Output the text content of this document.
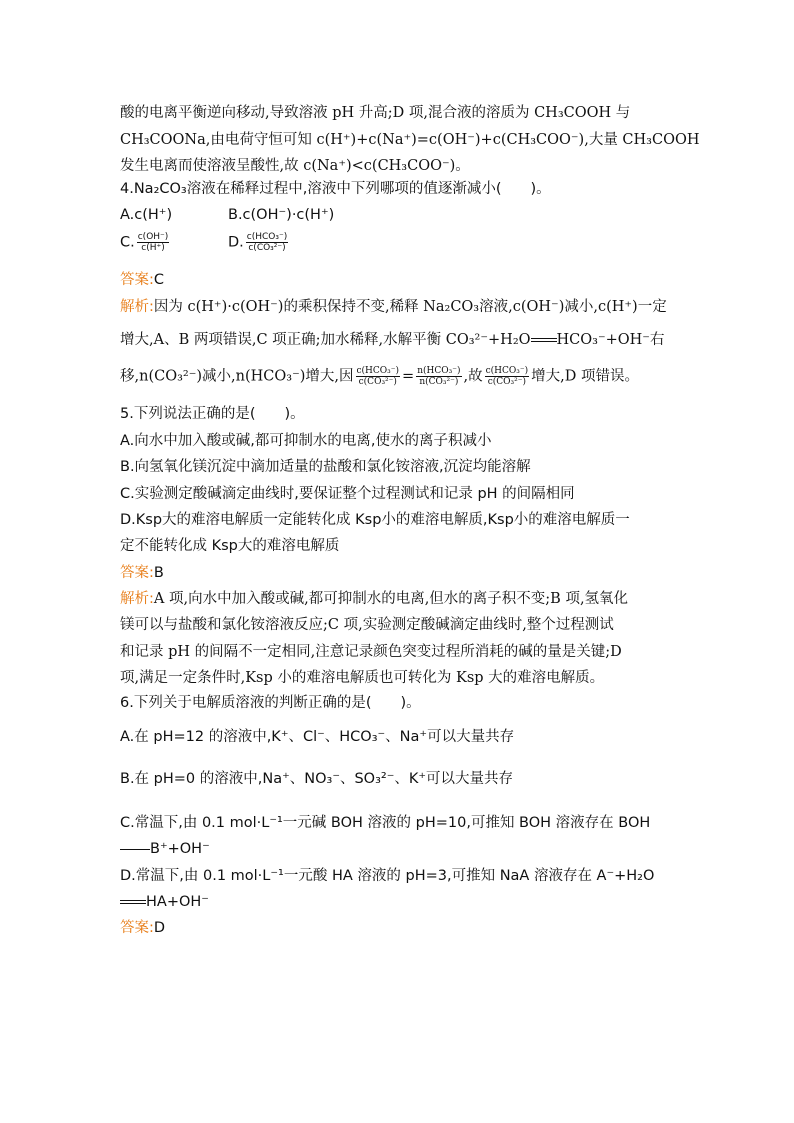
酸的电离平衡逆向移动,导致溶液 pH 升高;D 项,混合液的溶质为 CH₃COOH 与
CH₃COONa,由电荷守恒可知 c(H⁺)+c(Na⁺)=c(OH⁻)+c(CH₃COO⁻),大量 CH₃COOH
发生电离而使溶液呈酸性,故 c(Na⁺)<c(CH₃COO⁻)。
4.Na₂CO₃溶液在稀释过程中,溶液中下列哪项的值逐渐减小(　　)。
A.c(H⁺)	B.c(OH⁻)·c(H⁺)
C. $\frac{c(OH^-)}{c(H^+)}$	D. $\frac{\text{c(HCO₃⁻)}}{\text{c(CO₃²⁻)}}$
答案:C
解析:因为 c(H⁺)·c(OH⁻)的乘积保持不变,稀释 Na₂CO₃溶液,c(OH⁻)减小,c(H⁺)一定
增大,A、B 两项错误,C 项正确;加水稀释,水解平衡 CO₃²⁻+H₂O HCO₃⁻+OH⁻右
移,n(CO₃²⁻)减小,n(HCO₃⁻)增大,因 $\frac{\text{c(HCO₃⁻)}}{\text{c(CO₃²⁻)}} = \frac{\text{n(HCO₃⁻)}}{\text{n(CO₃²⁻)}}$ ,故 $\frac{\text{c(HCO₃⁻)}}{\text{c(CO₃²⁻)}}$ 增大,D 项错误。
5.下列说法正确的是(　　)。
A.向水中加入酸或碱,都可抑制水的电离,使水的离子积减小
B.向氢氧化镁沉淀中滴加适量的盐酸和氯化铵溶液,沉淀均能溶解
C.实验测定酸碱滴定曲线时,要保证整个过程测试和记录 pH 的间隔相同
D.Ksp大的难溶电解质一定能转化成 Ksp小的难溶电解质,Ksp小的难溶电解质一
定不能转化成 Ksp大的难溶电解质
答案:B
解析:A 项,向水中加入酸或碱,都可抑制水的电离,但水的离子积不变;B 项,氢氧化
镁可以与盐酸和氯化铵溶液反应;C 项,实验测定酸碱滴定曲线时,整个过程测试
和记录 pH 的间隔不一定相同,注意记录颜色突变过程所消耗的碱的量是关键;D
项,满足一定条件时,Ksp 小的难溶电解质也可转化为 Ksp 大的难溶电解质。
6.下列关于电解质溶液的判断正确的是(　　)。
A.在 pH=12 的溶液中,K⁺、Cl⁻、HCO₃⁻、Na⁺可以大量共存
B.在 pH=0 的溶液中,Na⁺、NO₃⁻、SO₃²⁻、K⁺可以大量共存
C.常温下,由 0.1 mol·L⁻¹一元碱 BOH 溶液的 pH=10,可推知 BOH 溶液存在 BOH
B⁺+OH⁻
D.常温下,由 0.1 mol·L⁻¹一元酸 HA 溶液的 pH=3,可推知 NaA 溶液存在 A⁻+H₂O
HA+OH⁻
答案:D
